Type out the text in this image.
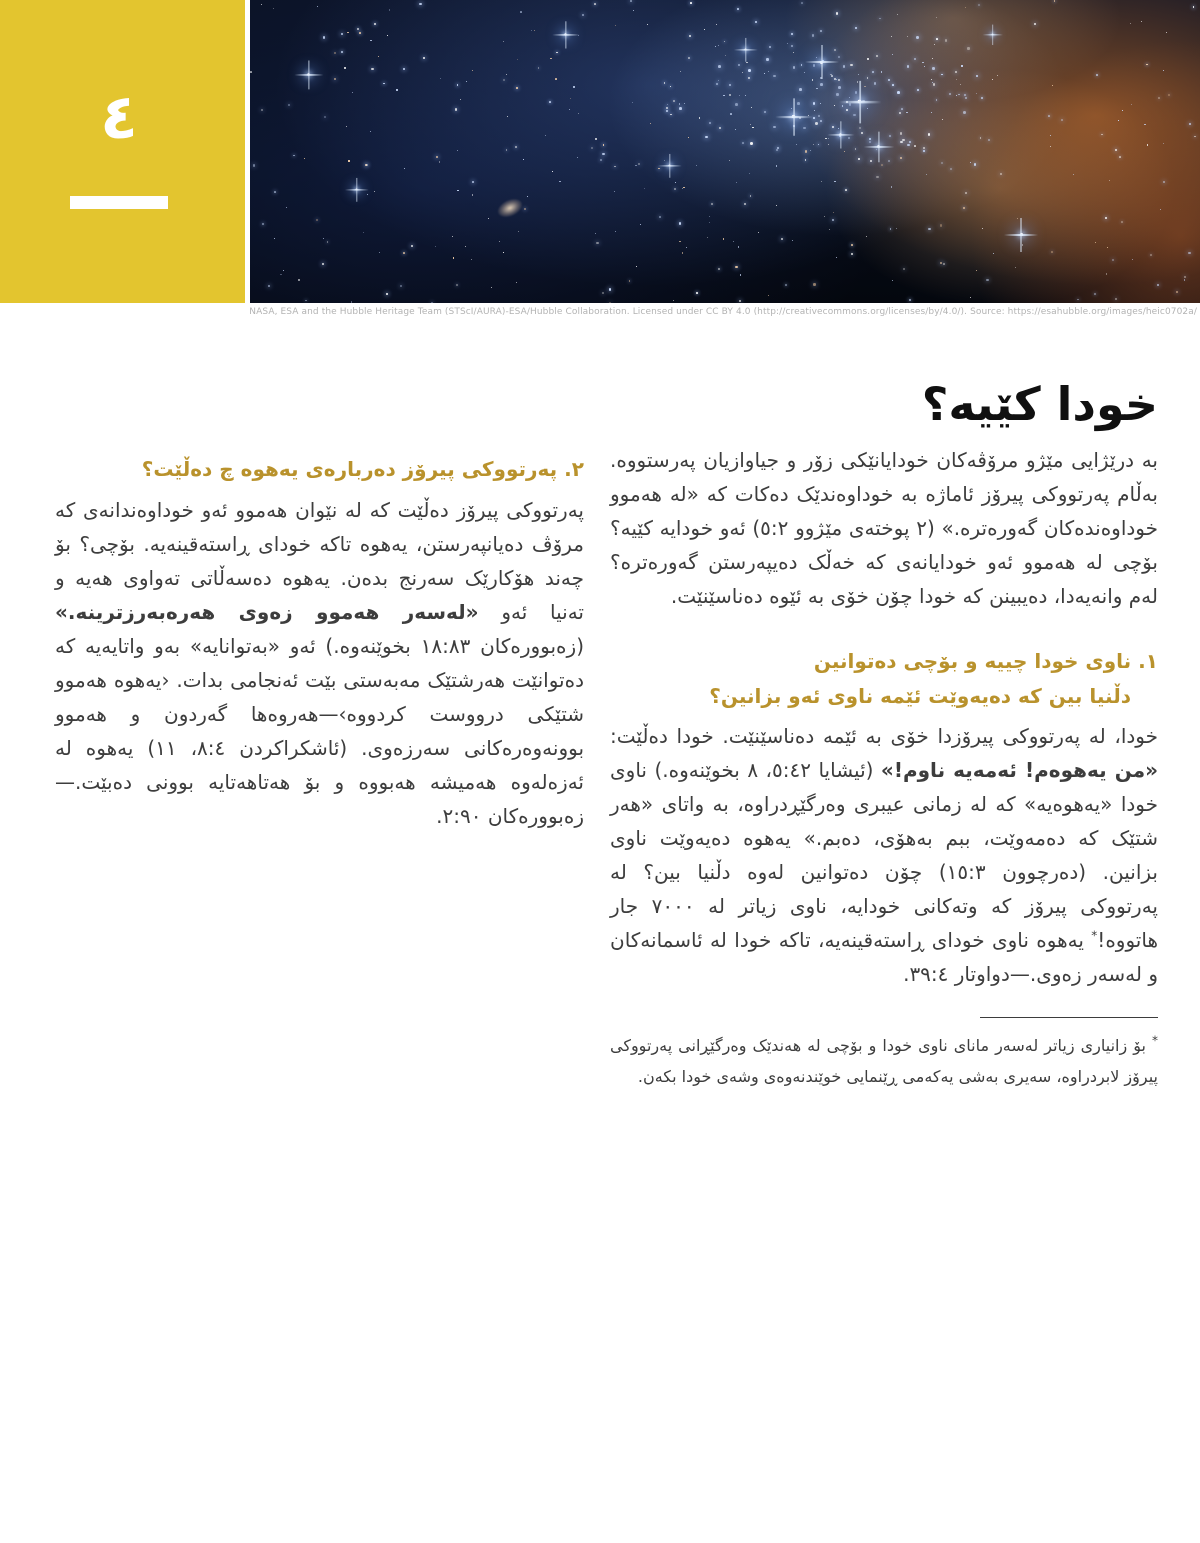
٤
NASA, ESA and the Hubble Heritage Team (STScI/AURA)-ESA/Hubble Collaboration. Licensed under CC BY 4.0 (http://creativecommons.org/licenses/by/4.0/). Source: https://esahubble.org/images/heic0702a/
خودا کێیه؟

به درێژایی مێژو مرۆڤەکان خودایانێکی زۆر و جیاوازیان پەرستووه. بەڵام پەرتووکی پیرۆز ئاماژه به خوداوەندێک دەکات که «له هەموو خوداوەندەکان گەورەتره.» (٢ پوختەی مێژوو ٥:٢) ئەو خودایه کێیه؟ بۆچی له هەموو ئەو خودایانەی که خەڵک دەیپەرستن گەورەتره؟ لەم وانەیەدا، دەیبینن که خودا چۆن خۆی به ئێوه دەناسێنێت.

١. ناوی خودا چییه و بۆچی دەتوانین
دڵنیا بین که دەیەوێت ئێمه ناوی ئەو بزانین؟

خودا، له پەرتووکی پیرۆزدا خۆی به ئێمه دەناسێنێت. خودا دەڵێت: «من یەهوەم! ئەمەیه ناوم!» (ئیشایا ٥:٤٢، ٨ بخوێنەوه.) ناوی خودا «یەهوەیه» که له زمانی عیبری وەرگێڕدراوه، به واتای «هەر شتێک که دەمەوێت، ببم بەهۆی، دەبم.» یەهوه دەیەوێت ناوی بزانین. (دەرچوون ١٥:٣) چۆن دەتوانین لەوه دڵنیا بین؟ له پەرتووکی پیرۆز که وتەکانی خودایه، ناوی زیاتر له ٧٠٠٠ جار هاتووه!* یەهوه ناوی خودای ڕاستەقینەیه، تاکه خودا له ئاسمانەکان و لەسەر زەوی.—دواوتار ٣٩:٤.

* بۆ زانیاری زیاتر لەسەر مانای ناوی خودا و بۆچی له هەندێک وەرگێڕانی پەرتووکی پیرۆز لابردراوه، سەیری بەشی یەکەمی ڕێنمایی خوێندنەوەی وشەی خودا بکەن.
٢. پەرتووکی پیرۆز دەربارەی یەهوه چ دەڵێت؟

پەرتووکی پیرۆز دەڵێت که له نێوان هەموو ئەو خوداوەندانەی که مرۆڤ دەیانپەرستن، یەهوه تاکه خودای ڕاستەقینەیه. بۆچی؟ بۆ چەند هۆکارێک سەرنج بدەن. یەهوه دەسەڵاتی تەواوی هەیه و تەنیا ئەو «لەسەر هەموو زەوی هەرەبەرزترینه.» (زەبوورەکان ١٨:٨٣ بخوێنەوه.) ئەو «بەتوانایه» بەو واتایەیه که دەتوانێت هەرشتێک مەبەستی بێت ئەنجامی بدات. ‹یەهوه هەموو شتێکی درووست کردووه›—هەروەها گەردون و هەموو بوونەوەرەکانی سەرزەوی. (ئاشکراکردن ٨:٤، ١١) یەهوه له ئەزەلەوه هەمیشه هەبووه و بۆ هەتاهەتایه بوونی دەبێت.—زەبوورەکان ٢:٩٠.
